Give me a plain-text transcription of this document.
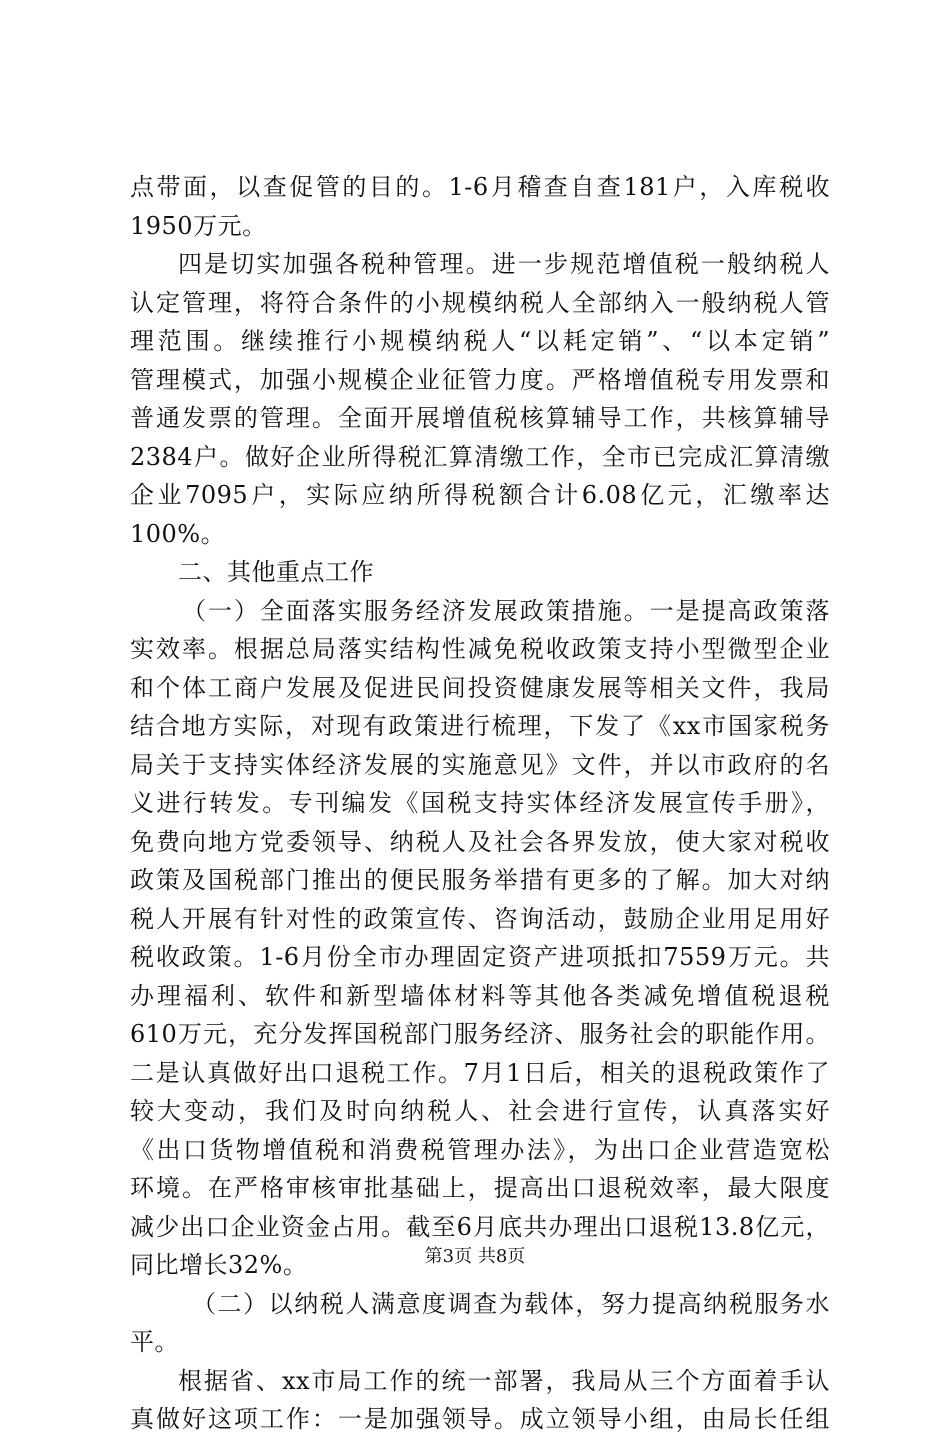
点带面，以查促管的目的。1-6月稽查自查181户，入库税收
1950万元。
四是切实加强各税种管理。进一步规范增值税一般纳税人
认定管理，将符合条件的小规模纳税人全部纳入一般纳税人管
理范围。继续推行小规模纳税人“以耗定销”、“以本定销”
管理模式，加强小规模企业征管力度。严格增值税专用发票和
普通发票的管理。全面开展增值税核算辅导工作，共核算辅导
2384户。做好企业所得税汇算清缴工作，全市已完成汇算清缴
企业7095户，实际应纳所得税额合计6.08亿元，汇缴率达
100%。
二、其他重点工作
（一）全面落实服务经济发展政策措施。一是提高政策落
实效率。根据总局落实结构性减免税收政策支持小型微型企业
和个体工商户发展及促进民间投资健康发展等相关文件，我局
结合地方实际，对现有政策进行梳理，下发了《xx市国家税务
局关于支持实体经济发展的实施意见》文件，并以市政府的名
义进行转发。专刊编发《国税支持实体经济发展宣传手册》，
免费向地方党委领导、纳税人及社会各界发放，使大家对税收
政策及国税部门推出的便民服务举措有更多的了解。加大对纳
税人开展有针对性的政策宣传、咨询活动，鼓励企业用足用好
税收政策。1-6月份全市办理固定资产进项抵扣7559万元。共
办理福利、软件和新型墙体材料等其他各类减免增值税退税
610万元，充分发挥国税部门服务经济、服务社会的职能作用。
二是认真做好出口退税工作。7月1日后，相关的退税政策作了
较大变动，我们及时向纳税人、社会进行宣传，认真落实好
《出口货物增值税和消费税管理办法》，为出口企业营造宽松
环境。在严格审核审批基础上，提高出口退税效率，最大限度
减少出口企业资金占用。截至6月底共办理出口退税13.8亿元，
同比增长32%。
（二）以纳税人满意度调查为载体，努力提高纳税服务水
平。
根据省、xx市局工作的统一部署，我局从三个方面着手认
真做好这项工作：一是加强领导。成立领导小组，由局长任组
第3页 共8页
